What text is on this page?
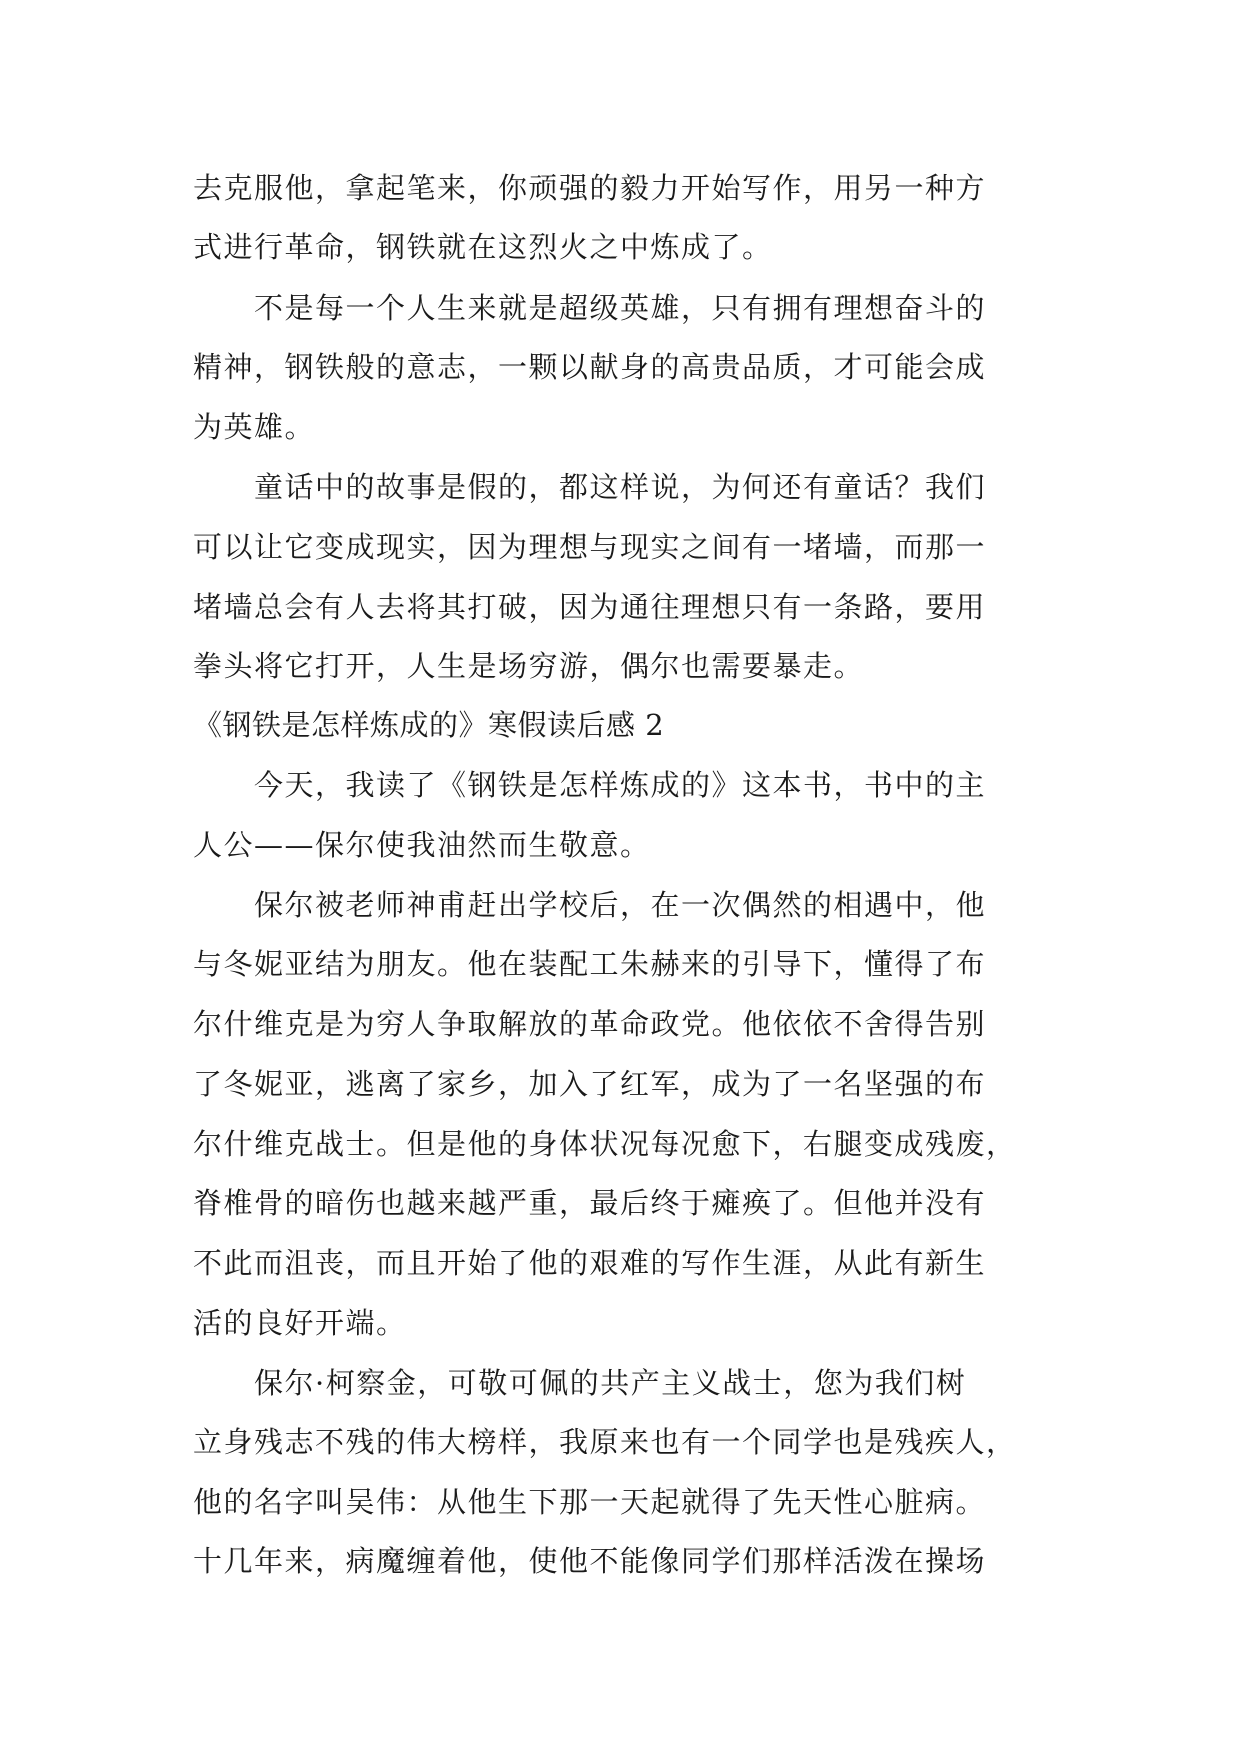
去克服他，拿起笔来，你顽强的毅力开始写作，用另一种方
式进行革命，钢铁就在这烈火之中炼成了。
　　不是每一个人生来就是超级英雄，只有拥有理想奋斗的
精神，钢铁般的意志，一颗以献身的高贵品质，才可能会成
为英雄。
　　童话中的故事是假的，都这样说，为何还有童话？我们
可以让它变成现实，因为理想与现实之间有一堵墙，而那一
堵墙总会有人去将其打破，因为通往理想只有一条路，要用
拳头将它打开，人生是场穷游，偶尔也需要暴走。
《钢铁是怎样炼成的》寒假读后感 2
　　今天，我读了《钢铁是怎样炼成的》这本书，书中的主
人公——保尔使我油然而生敬意。
　　保尔被老师神甫赶出学校后，在一次偶然的相遇中，他
与冬妮亚结为朋友。他在装配工朱赫来的引导下，懂得了布
尔什维克是为穷人争取解放的革命政党。他依依不舍得告别
了冬妮亚，逃离了家乡，加入了红军，成为了一名坚强的布
尔什维克战士。但是他的身体状况每况愈下，右腿变成残废，
脊椎骨的暗伤也越来越严重，最后终于瘫痪了。但他并没有
不此而沮丧，而且开始了他的艰难的写作生涯，从此有新生
活的良好开端。
　　保尔·柯察金，可敬可佩的共产主义战士，您为我们树
立身残志不残的伟大榜样，我原来也有一个同学也是残疾人，
他的名字叫吴伟：从他生下那一天起就得了先天性心脏病。
十几年来，病魔缠着他，使他不能像同学们那样活泼在操场
